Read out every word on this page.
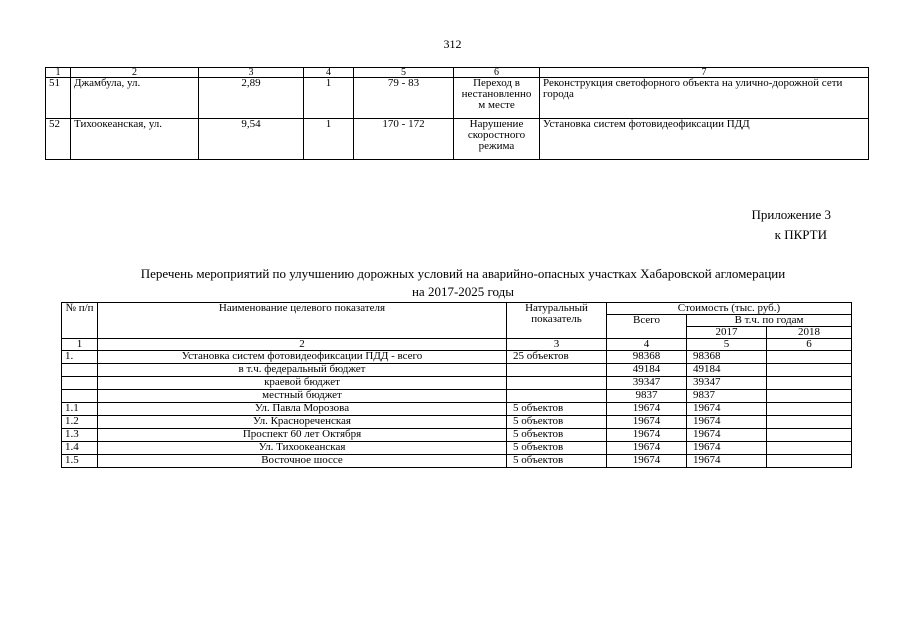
312
1	2	3	4	5	6	7
51	Джамбула, ул.	2,89	1	79 - 83	Переход в нестановленно м месте	Реконструкция светофорного объекта на улично-дорожной сети города
52	Тихоокеанская, ул.	9,54	1	170 - 172	Нарушение скоростного режима	Установка систем фотовидеофиксации ПДД
Приложение 3
к ПКРТИ
Перечень мероприятий по улучшению дорожных условий на аварийно-опасных участках Хабаровской агломерации
на 2017-2025 годы
№ п/п	Наименование целевого показателя	Натуральный показатель	Стоимость (тыс. руб.)		
			Всего	В т.ч. по годам	
				2017	2018
1	2	3	4	5	6
1.	Установка систем фотовидеофиксации ПДД - всего	25 объектов	98368	98368	
	в т.ч. федеральный бюджет		49184	49184	
	краевой бюджет		39347	39347	
	местный бюджет		9837	9837	
1.1	Ул. Павла Морозова	5 объектов	19674	19674	
1.2	Ул. Краснореченская	5 объектов	19674	19674	
1.3	Проспект 60 лет Октября	5 объектов	19674	19674	
1.4	Ул. Тихоокеанская	5 объектов	19674	19674	
1.5	Восточное шоссе	5 объектов	19674	19674	
